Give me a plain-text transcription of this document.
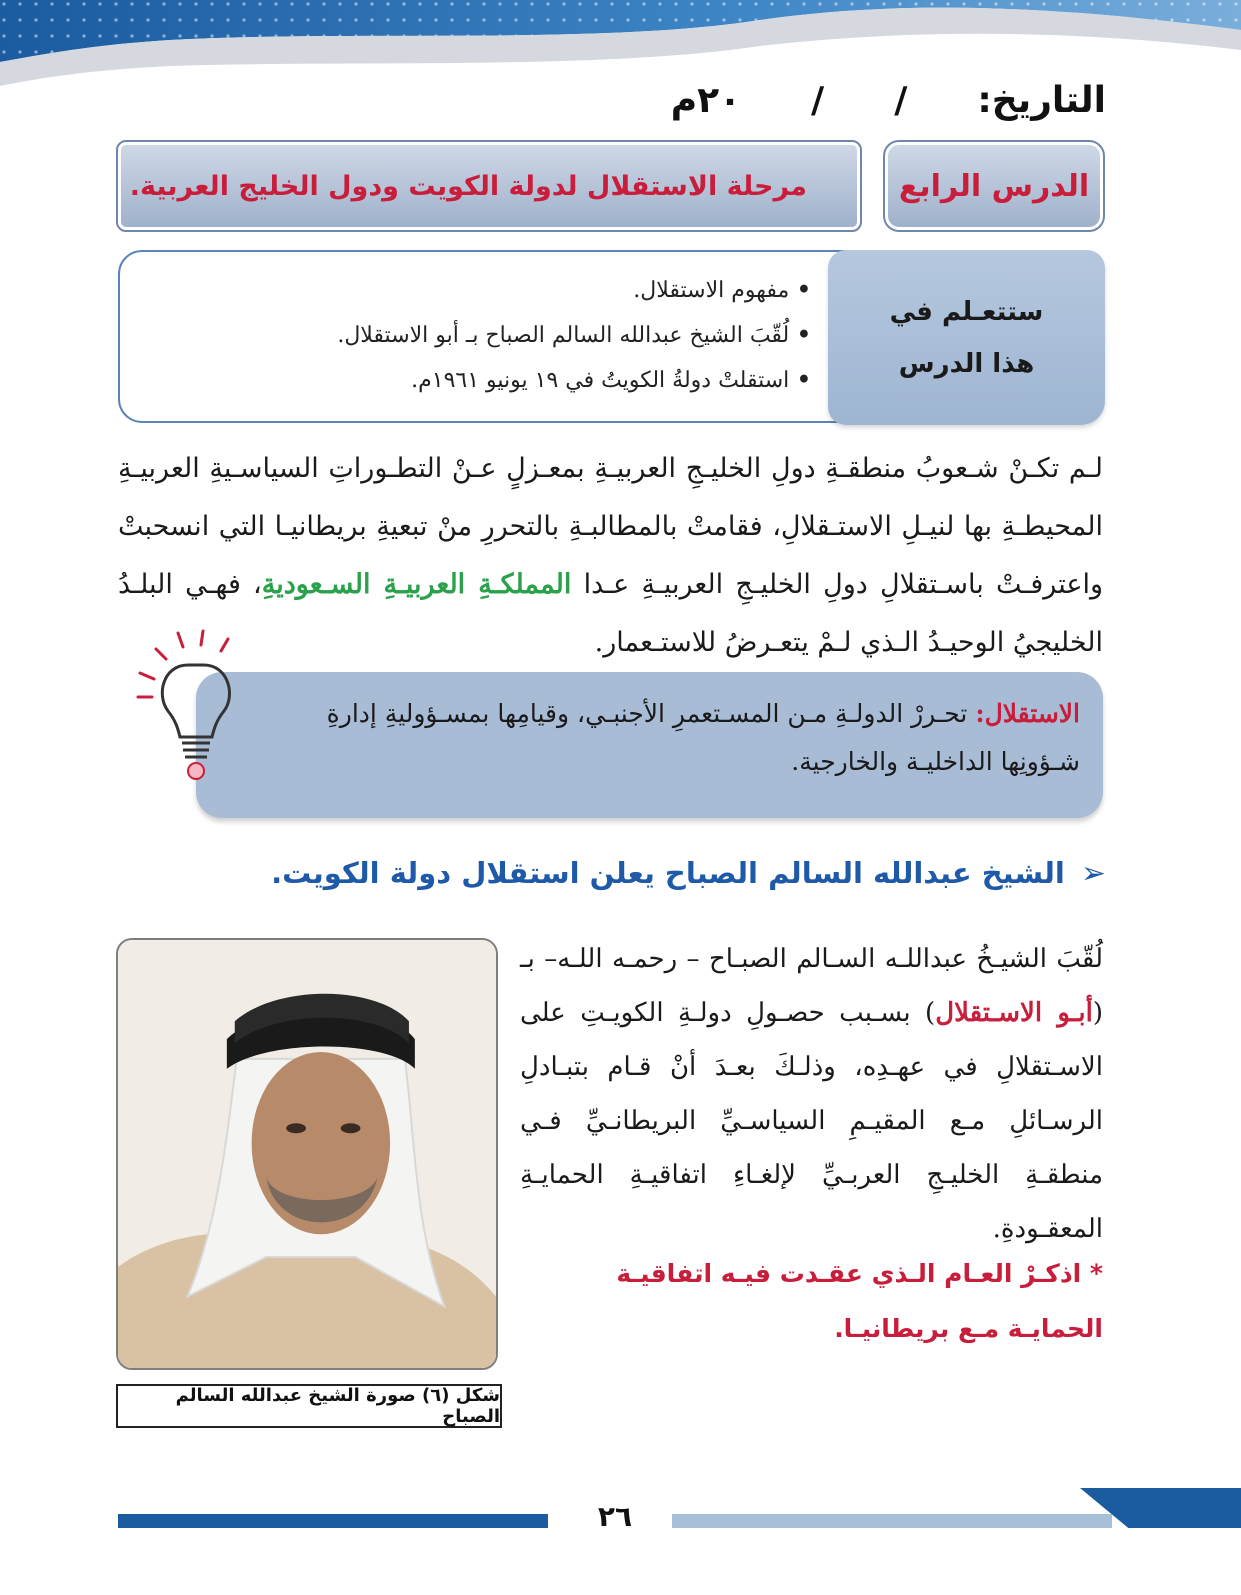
التاريخ:
/
/
٢٠م
الدرس الرابع
مرحلة الاستقلال لدولة الكويت ودول الخليج العربية.
ستتعـلم في
هذا الدرس
• مفهوم الاستقلال.
• لُقّبَ الشيخ عبدالله السالم الصباح بـ أبو الاستقلال.
• استقلتْ دولةُ الكويتُ في ١٩ يونيو ١٩٦١م.

لـم تكـنْ شـعوبُ منطقـةِ دولِ الخليـجِ العربيـةِ بمعـزلٍ عـنْ التطـوراتِ السياسـيةِ العربيـةِ المحيطـةِ بها لنيـلِ الاستـقلالِ، فقامتْ بالمطالبـةِ بالتحررِ منْ تبعيةِ بريطانيـا التي انسحبتْ واعترفـتْ باسـتقلالِ دولِ الخليـجِ العربيـةِ عـدا المملكـةِ العربيـةِ السـعوديةِ، فهـي البلـدُ الخليجيُ الوحيـدُ الـذي لـمْ يتعـرضُ للاستـعمار.

الاستقلال: تحـررْ الدولـةِ مـن المسـتعمرِ الأجنبـي، وقيامِها بمسـؤوليةِ إدارةِ شـؤونِها الداخليـة والخارجية.

➢
الشيخ عبدالله السالم الصباح يعلن استقلال دولة الكويت.

لُقّبَ الشيـخُ عبداللـه السـالم الصبـاح – رحمـه اللـه– بـ (أبـو الاسـتقلال) بسـبب حصـولِ دولـةِ الكويـتِ على الاسـتقلالِ في عهـدِه، وذلـكَ بعـدَ أنْ قـام بتبـادلِ الرسـائلِ مـع المقيـمِ السياسـيِّ البريطانـيِّ فـي منطقـةِ الخليـجِ العربـيِّ لإلغـاءِ اتفاقيـةِ الحمايـةِ المعقـودةِ.

* اذكـرْ العـام الـذي عقـدت فيـه اتفاقيـة الحمايـة مـع بريطانيـا.

شكل (٦) صورة الشيخ عبدالله السالم الصباح
٢٦
